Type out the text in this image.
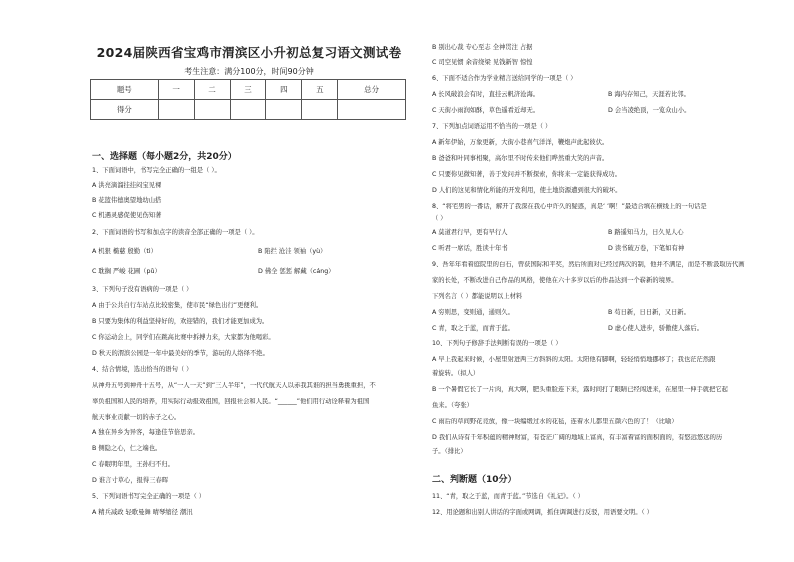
2024届陕西省宝鸡市渭滨区小升初总复习语文测试卷
考生注意：满分100分，时间90分钟
题号	一	二	三	四	五	总分
得分						
一、选择题（每小题2分，共20分）
1、下面词语中，书写完全正确的一组是（ ）。
A 洪亮滴溜挂挂闷宝见裸
B 花篮伟德奥望地幼山搭
C 机遇灵感促使见伤知著
2、下面词语的书写和加点字的读音全部正确的一项是（ ）。
A 机狠 椭慈 殷勤（tì）	B 陷拦 沧洼 领袖（yù）
C 耽搁 严峻 花圃（pǔ）	D 佛全 惩惩 解藏（cáng）
3、下列句子没有语病的一项是（ ）
A 由于公共自行车站点比较密集，使市民“绿色出行”更便利。
B 只要为集体的利益坚持好的，欢迎错的，我们才能更加成为。
C 你运动会上，同学们在跳高比赛中拆搏力来，大家都为他喝彩。
D 秋天的渭滨公园是一年中最美好的季节，游玩的人络绎不绝。
4、结合情境，选出恰当的语句（ ）
从神舟五号到神舟十五号，从“一人一天”到“三人半年”，一代代航天人以赤我其谁的担当勇挑重担，不
辜负祖国和人民的培养，用实际行动报效祖国，回报社会和人民。“______”他们用行动诠释着为祖国
航天事业贡献一切的赤子之心。
A 独在异乡为异客，每逢佳节倍思亲。
B 侧隐之心，仁之端也。
C 春眠明年里，王孙归不归。
D 谁言寸草心，报得三春晖
5、下列词语书写完全正确的一项是（ ）
A 精兵减政 轻歌曼舞 晴琴缩径 潮汛
B 别出心裁 专心至志 全神贯注 占据
C 司空见惯 余音绕梁 见钱新智 惊惶
6、下面不适合作为学业精言送给同学的一项是（ ）
A 长风破浪会有时，直挂云帆济沧海。	B 海内存知己，天涯若比邻。
C 天街小雨润如酥，草色遥看近却无。	D 会当凌绝顶，一览众山小。
7、下列加点词语运用不恰当的一项是（ ）
A 新年伊始，万象更新，大街小巷喜气洋洋，鞭炮声此起彼伏。
B 爸爸和叶同事相聚，高尔里不时传来他们哗然重大笑的声音。
C 只要你见微知著，善于发问并不断探索，你将来一定能获得成功。
D 人们的这见和情化所能的开发利用，使土地资源遭到很大的破坏。
8、“将宅男的一番话，解开了我深在我心中许久的疑惑，真是‘ ’啊！”最适合填在横线上的一句话是
（ ）
A 莫道君行早，更有早行人	B 路遥知马力，日久见人心
C 听君一席话，胜读十年书	D 读书破万卷，下笔如有神
9、吾年年看着庭院里的白石，曾获国际和平奖，然后所面对已经过两次的制，他并不满足，而是不断汲取历代画
家的长处，不断改进自己作品的风格，使他在六十多岁以后的作品达到一个崭新的境界。
下列名言（ ）都能说明以上材料
A 穷则思，变则通，通则久。	B 苟日新，日日新，又日新。
C 青，取之于蓝，而青于蓝。	D 虚心使人进步，骄傲使人落后。
10、下列句子修辞手法判断有误的一项是（ ）
A 早上我起来时候，小屋里射进两三方斜斜的太阳。太阳他有脚啊，轻轻悄悄地挪移了；我也茫茫然跟
着旋转。（拟人）
B 一个暑假它长了一片肉，真大啊，肥头重脸连下来，露时间打了眼睛已经闯进来，在屋里一伸手就把它起
鱼来。（夸张）
C 雨后的草间野花竞放，像一块编缎过水的花毡，连着水儿都里五颜六色的了！（比喻）
D 我们从诗有千年积蕴的精神财富，有苍茫广阔的地域上富真，有丰富着富的面积面的，有悠远悠远的历
子。（排比）
二、判断题（10分）
11、“青，取之于蓝，而青于蓝。”节选自《礼记》。（ ）
12、用论题和出别人讲话的字面或网调，抓住调调进行反驳，用语要文明。（ ）
